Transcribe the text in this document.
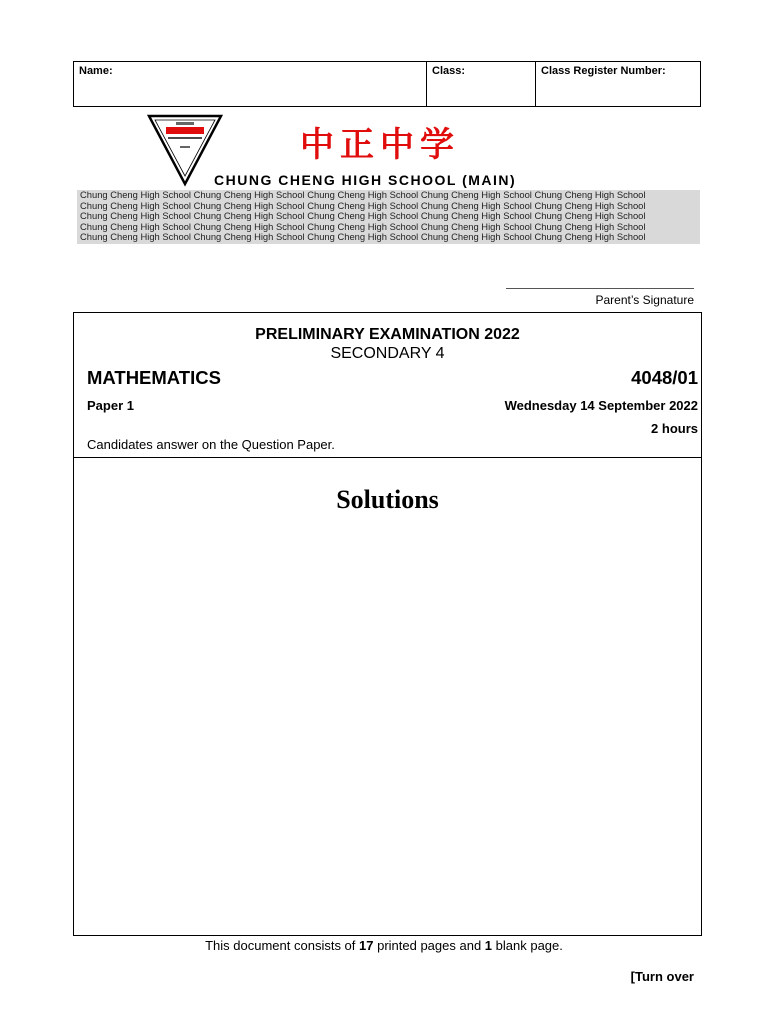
Name:	Class:	Class Register Number:
中正中学
CHUNG CHENG HIGH SCHOOL (MAIN)
Chung Cheng High School Chung Cheng High School Chung Cheng High School Chung Cheng High School Chung Cheng High School
Chung Cheng High School Chung Cheng High School Chung Cheng High School Chung Cheng High School Chung Cheng High School
Chung Cheng High School Chung Cheng High School Chung Cheng High School Chung Cheng High School Chung Cheng High School
Chung Cheng High School Chung Cheng High School Chung Cheng High School Chung Cheng High School Chung Cheng High School
Chung Cheng High School Chung Cheng High School Chung Cheng High School Chung Cheng High School Chung Cheng High School
Parent’s Signature
PRELIMINARY EXAMINATION 2022
SECONDARY 4
MATHEMATICS	4048/01
Paper 1	Wednesday 14 September 2022
2 hours
Candidates answer on the Question Paper.
Solutions
This document consists of 17 printed pages and 1 blank page.
[Turn over
